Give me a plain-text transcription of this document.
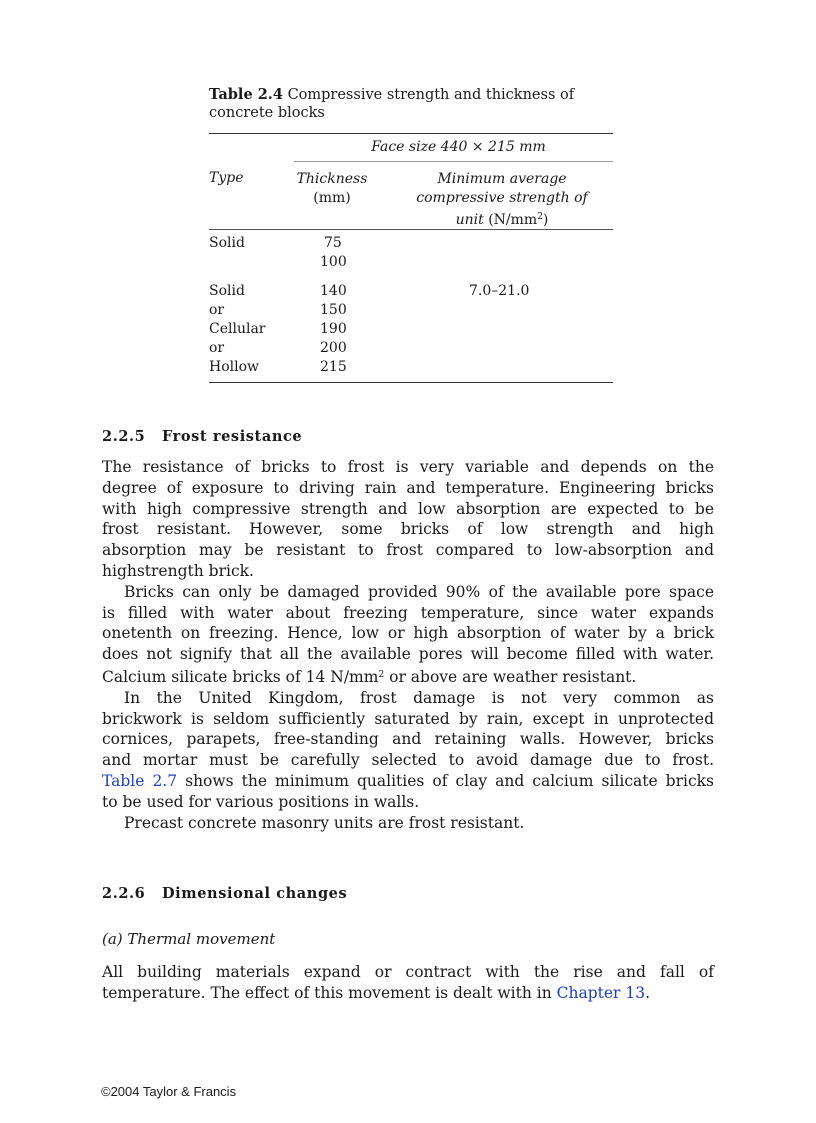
Table 2.4 Compressive strength and thickness of
concrete blocks

Face size 440 × 215 mm
Type	Thickness
(mm)
Minimum average
compressive strength of
unit $(N/mm^2)$
Solid
Solid
or
Cellular
or
Hollow
75
100
140
150
190
200
215
7.0–21.0
2.2.5 Frost resistance

The resistance of bricks to frost is very variable and depends on the
degree of exposure to driving rain and temperature. Engineering bricks
with high compressive strength and low absorption are expected to be
frost resistant. However, some bricks of low strength and high
absorption may be resistant to frost compared to low-absorption and
highstrength brick.
Bricks can only be damaged provided 90% of the available pore space
is filled with water about freezing temperature, since water expands
onetenth on freezing. Hence, low or high absorption of water by a brick
does not signify that all the available pores will become filled with water.
Calcium silicate bricks of 14 $N/mm^2$ or above are weather resistant.
In the United Kingdom, frost damage is not very common as
brickwork is seldom sufficiently saturated by rain, except in unprotected
cornices, parapets, free-standing and retaining walls. However, bricks
and mortar must be carefully selected to avoid damage due to frost.
Table 2.7 shows the minimum qualities of clay and calcium silicate bricks
to be used for various positions in walls.
Precast concrete masonry units are frost resistant.

2.2.6 Dimensional changes

(a) Thermal movement

All building materials expand or contract with the rise and fall of
temperature. The effect of this movement is dealt with in Chapter 13.

©2004 Taylor & Francis
